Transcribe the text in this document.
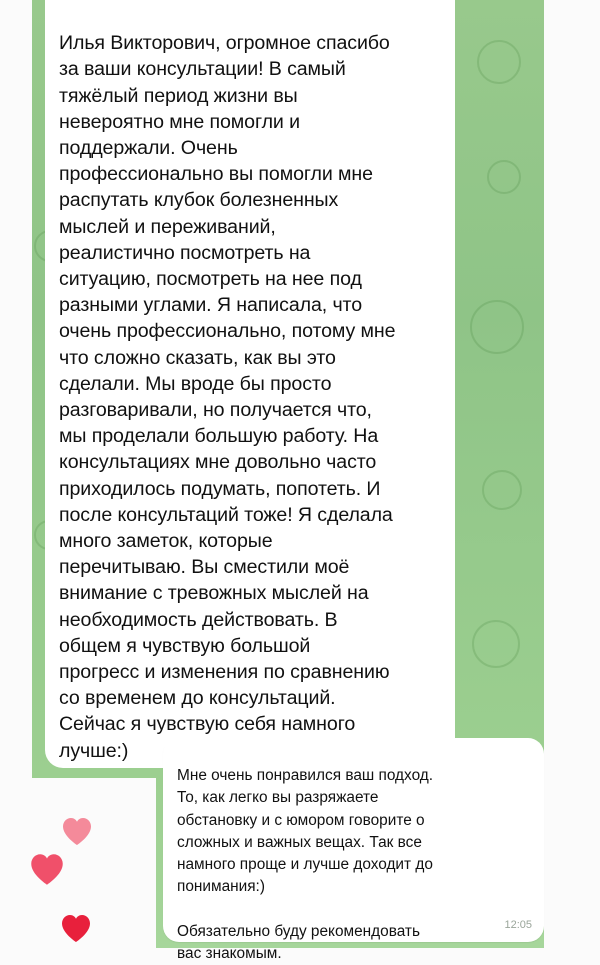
Илья Викторович, огромное спасибо
за ваши консультации! В самый
тяжёлый период жизни вы
невероятно мне помогли и
поддержали. Очень
профессионально вы помогли мне
распутать клубок болезненных
мыслей и переживаний,
реалистично посмотреть на
ситуацию, посмотреть на нее под
разными углами. Я написала, что
очень профессионально, потому мне
что сложно сказать, как вы это
сделали. Мы вроде бы просто
разговаривали, но получается что,
мы проделали большую работу. На
консультациях мне довольно часто
приходилось подумать, попотеть. И
после консультаций тоже! Я сделала
много заметок, которые
перечитываю. Вы сместили моё
внимание с тревожных мыслей на
необходимость действовать. В
общем я чувствую большой
прогресс и изменения по сравнению
со временем до консультаций.
Сейчас я чувствую себя намного
лучше:)

Мне очень понравился ваш подход.
То, как легко вы разряжаете
обстановку и с юмором говорите о
сложных и важных вещах. Так все
намного проще и лучше доходит до
понимания:)

Обязательно буду рекомендовать
вас знакомым.

12:05
